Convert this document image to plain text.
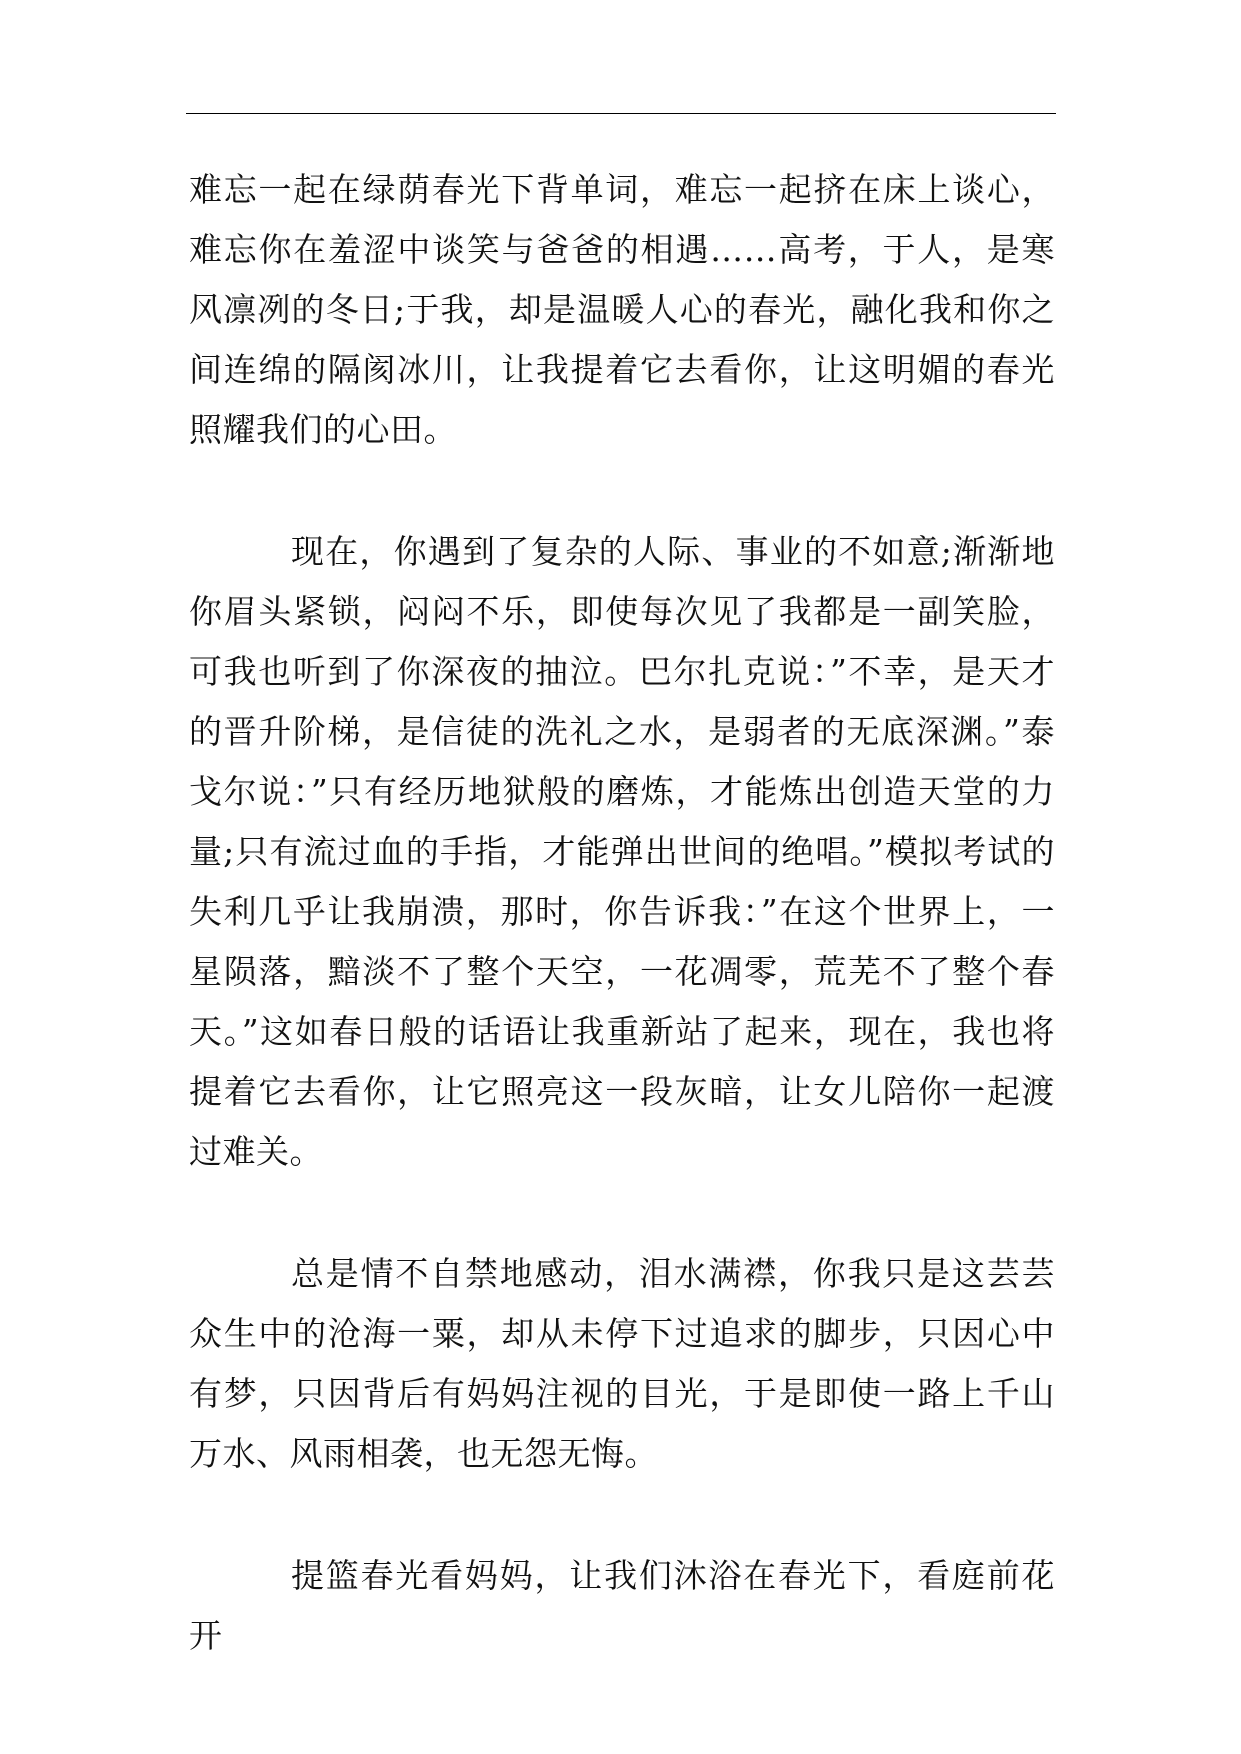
难忘一起在绿荫春光下背单词，难忘一起挤在床上谈心，难忘你在羞涩中谈笑与爸爸的相遇……高考，于人，是寒风凛冽的冬日;于我，却是温暖人心的春光，融化我和你之间连绵的隔阂冰川，让我提着它去看你，让这明媚的春光照耀我们的心田。

现在，你遇到了复杂的人际、事业的不如意;渐渐地你眉头紧锁，闷闷不乐，即使每次见了我都是一副笑脸，可我也听到了你深夜的抽泣。巴尔扎克说：”不幸，是天才的晋升阶梯，是信徒的洗礼之水，是弱者的无底深渊。”泰戈尔说：”只有经历地狱般的磨炼，才能炼出创造天堂的力量;只有流过血的手指，才能弹出世间的绝唱。”模拟考试的失利几乎让我崩溃，那时，你告诉我：”在这个世界上，一星陨落，黯淡不了整个天空，一花凋零，荒芜不了整个春天。”这如春日般的话语让我重新站了起来，现在，我也将提着它去看你，让它照亮这一段灰暗，让女儿陪你一起渡过难关。

总是情不自禁地感动，泪水满襟，你我只是这芸芸众生中的沧海一粟，却从未停下过追求的脚步，只因心中有梦，只因背后有妈妈注视的目光，于是即使一路上千山万水、风雨相袭，也无怨无悔。

提篮春光看妈妈，让我们沐浴在春光下，看庭前花开
